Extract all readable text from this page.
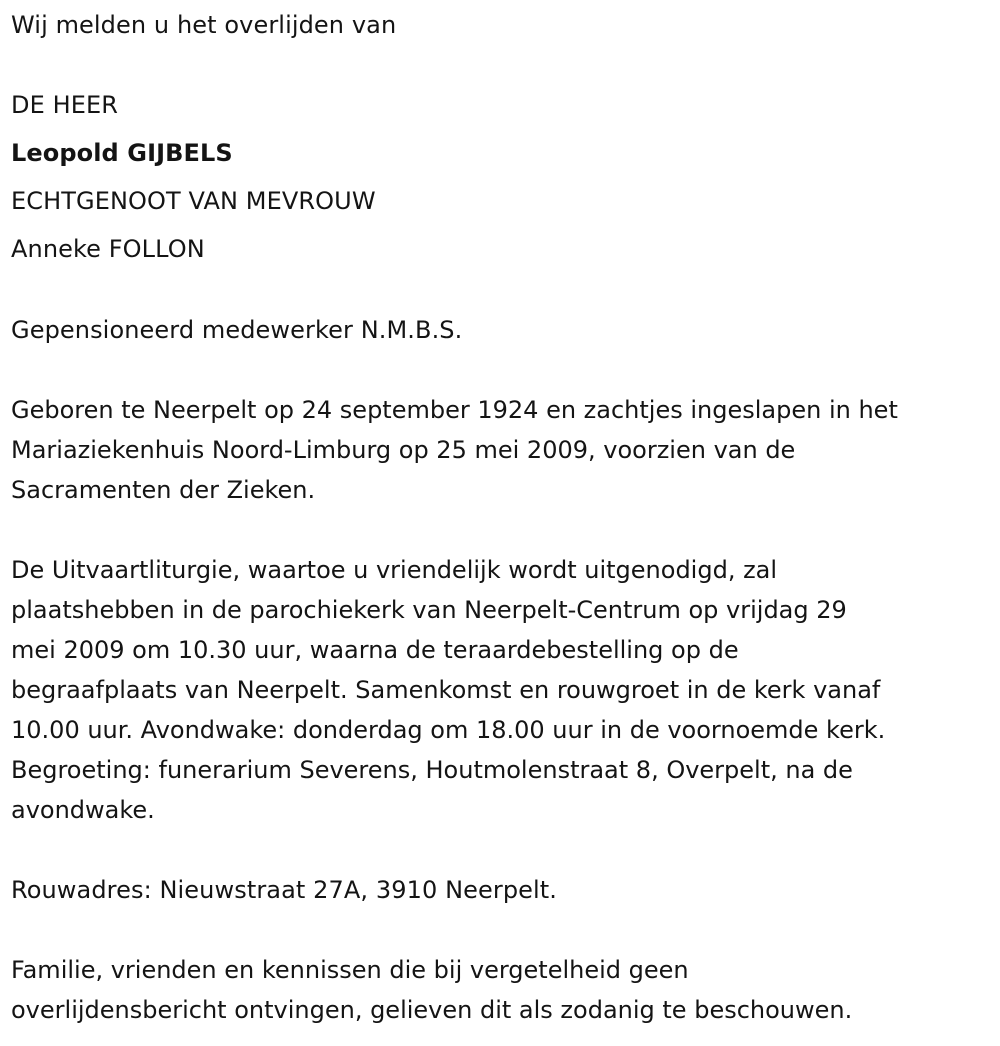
Wij melden u het overlijden van
DE HEER
Leopold GIJBELS
ECHTGENOOT VAN MEVROUW
Anneke FOLLON
Gepensioneerd medewerker N.M.B.S.
Geboren te Neerpelt op 24 september 1924 en zachtjes ingeslapen in het
Mariaziekenhuis Noord-Limburg op 25 mei 2009, voorzien van de
Sacramenten der Zieken.
De Uitvaartliturgie, waartoe u vriendelijk wordt uitgenodigd, zal
plaatshebben in de parochiekerk van Neerpelt-Centrum op vrijdag 29
mei 2009 om 10.30 uur, waarna de teraardebestelling op de
begraafplaats van Neerpelt. Samenkomst en rouwgroet in de kerk vanaf
10.00 uur. Avondwake: donderdag om 18.00 uur in de voornoemde kerk.
Begroeting: funerarium Severens, Houtmolenstraat 8, Overpelt, na de
avondwake.
Rouwadres: Nieuwstraat 27A, 3910 Neerpelt.
Familie, vrienden en kennissen die bij vergetelheid geen
overlijdensbericht ontvingen, gelieven dit als zodanig te beschouwen.
